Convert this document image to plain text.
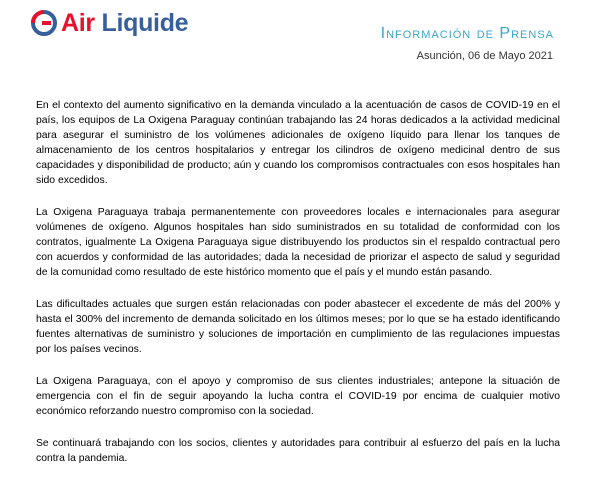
Air Liquide	Información de Prensa
Asunción, 06 de Mayo 2021

En el contexto del aumento significativo en la demanda vinculado a la acentuación de casos de COVID-19 en el país, los equipos de La Oxigena Paraguay continúan trabajando las 24 horas dedicados a la actividad medicinal para asegurar el suministro de los volúmenes adicionales de oxígeno líquido para llenar los tanques de almacenamiento de los centros hospitalarios y entregar los cilindros de oxígeno medicinal dentro de sus capacidades y disponibilidad de producto; aún y cuando los compromisos contractuales con esos hospitales han sido excedidos.

La Oxigena Paraguaya trabaja permanentemente con proveedores locales e internacionales para asegurar volúmenes de oxígeno. Algunos hospitales han sido suministrados en su totalidad de conformidad con los contratos, igualmente La Oxigena Paraguaya sigue distribuyendo los productos sin el respaldo contractual pero con acuerdos y conformidad de las autoridades; dada la necesidad de priorizar el aspecto de salud y seguridad de la comunidad como resultado de este histórico momento que el país y el mundo están pasando.

Las dificultades actuales que surgen están relacionadas con poder abastecer el excedente de más del 200% y hasta el 300% del incremento de demanda solicitado en los últimos meses; por lo que se ha estado identificando fuentes alternativas de suministro y soluciones de importación en cumplimiento de las regulaciones impuestas por los países vecinos.

La Oxigena Paraguaya, con el apoyo y compromiso de sus clientes industriales; antepone la situación de emergencia con el fin de seguir apoyando la lucha contra el COVID-19 por encima de cualquier motivo económico reforzando nuestro compromiso con la sociedad.

Se continuará trabajando con los socios, clientes y autoridades para contribuir al esfuerzo del país en la lucha contra la pandemia.
